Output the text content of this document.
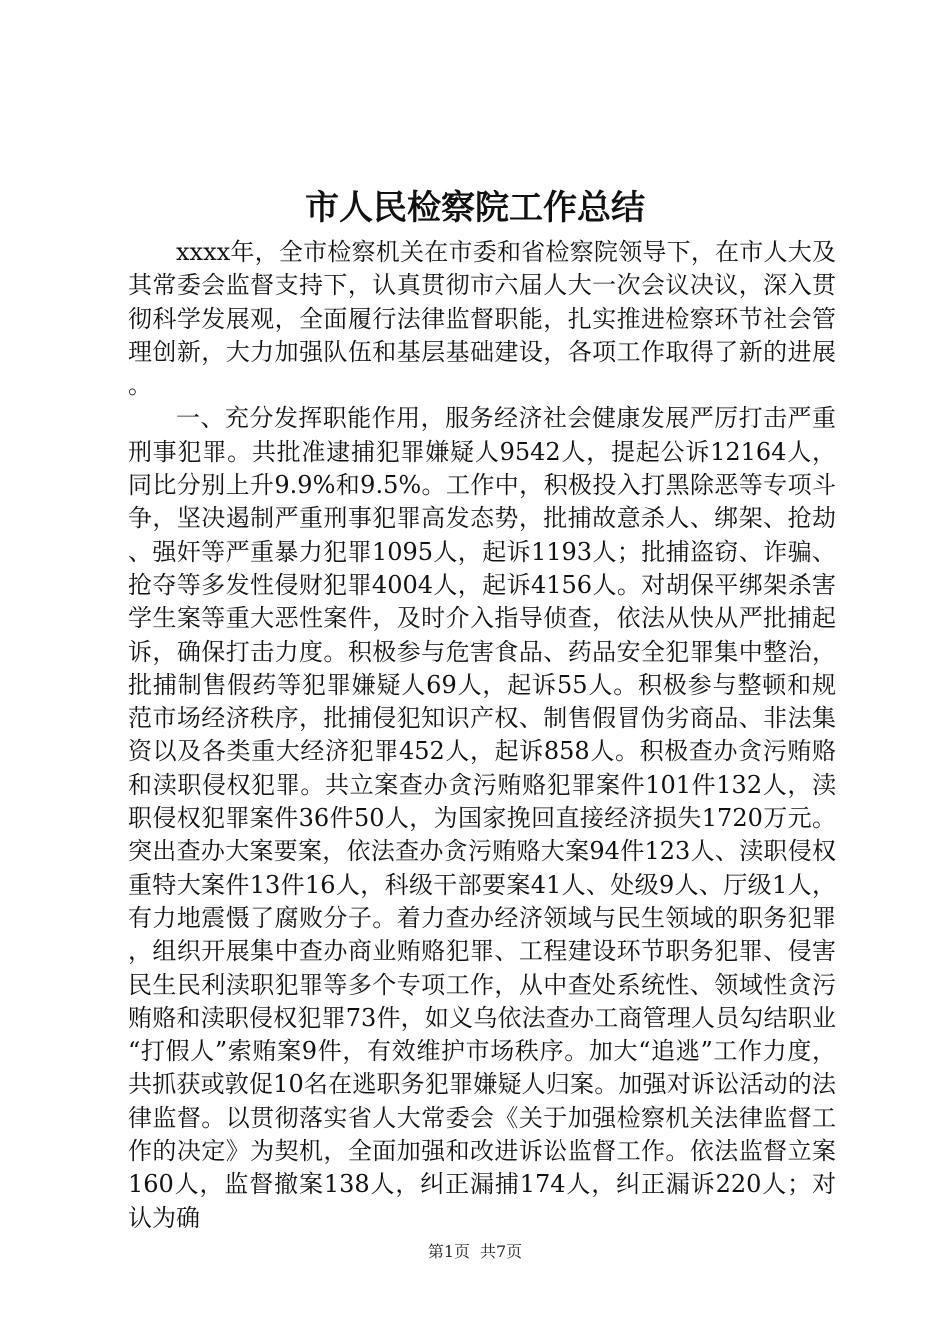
市人民检察院工作总结

xxxx年，全市检察机关在市委和省检察院领导下，在市人大及其常委会监督支持下，认真贯彻市六届人大一次会议决议，深入贯彻科学发展观，全面履行法律监督职能，扎实推进检察环节社会管理创新，大力加强队伍和基层基础建设，各项工作取得了新的进展。

一、充分发挥职能作用，服务经济社会健康发展严厉打击严重刑事犯罪。共批准逮捕犯罪嫌疑人9542人，提起公诉12164人，同比分别上升9.9%和9.5%。工作中，积极投入打黑除恶等专项斗争，坚决遏制严重刑事犯罪高发态势，批捕故意杀人、绑架、抢劫、强奸等严重暴力犯罪1095人，起诉1193人；批捕盗窃、诈骗、抢夺等多发性侵财犯罪4004人，起诉4156人。对胡保平绑架杀害学生案等重大恶性案件，及时介入指导侦查，依法从快从严批捕起诉，确保打击力度。积极参与危害食品、药品安全犯罪集中整治，批捕制售假药等犯罪嫌疑人69人，起诉55人。积极参与整顿和规范市场经济秩序，批捕侵犯知识产权、制售假冒伪劣商品、非法集资以及各类重大经济犯罪452人，起诉858人。积极查办贪污贿赂和渎职侵权犯罪。共立案查办贪污贿赂犯罪案件101件132人，渎职侵权犯罪案件36件50人，为国家挽回直接经济损失1720万元。突出查办大案要案，依法查办贪污贿赂大案94件123人、渎职侵权重特大案件13件16人，科级干部要案41人、处级9人、厅级1人，有力地震慑了腐败分子。着力查办经济领域与民生领域的职务犯罪，组织开展集中查办商业贿赂犯罪、工程建设环节职务犯罪、侵害民生民利渎职犯罪等多个专项工作，从中查处系统性、领域性贪污贿赂和渎职侵权犯罪73件，如义乌依法查办工商管理人员勾结职业“打假人”索贿案9件，有效维护市场秩序。加大“追逃”工作力度，共抓获或敦促10名在逃职务犯罪嫌疑人归案。加强对诉讼活动的法律监督。以贯彻落实省人大常委会《关于加强检察机关法律监督工作的决定》为契机，全面加强和改进诉讼监督工作。依法监督立案160人，监督撤案138人，纠正漏捕174人，纠正漏诉220人；对认为确

第1页 共7页
